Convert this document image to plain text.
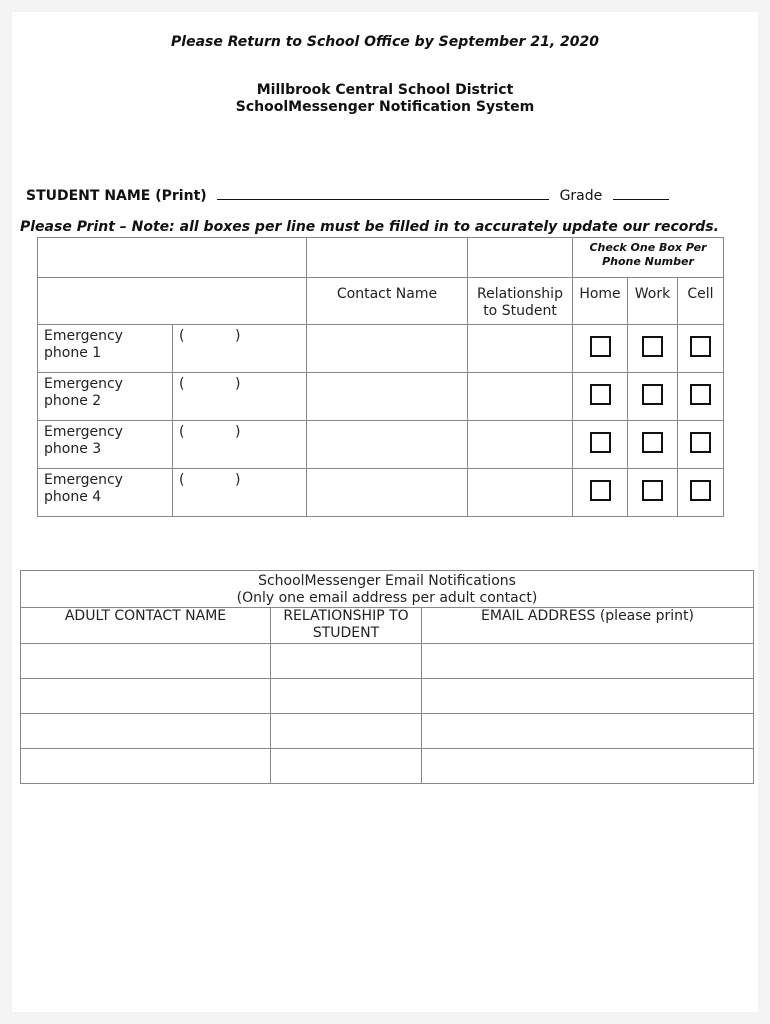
Please Return to School Office by September 21, 2020
Millbrook Central School District
SchoolMessenger Notification System
STUDENT NAME (Print)	Grade
Please Print – Note: all boxes per line must be filled in to accurately update our records.
				Check One Box Per Phone Number		
		Contact Name	Relationship to Student	Home	Work	Cell
Emergency phone 1	( )					
Emergency phone 2	( )					
Emergency phone 3	( )					
Emergency phone 4	( )					
SchoolMessenger Email Notifications
(Only one email address per adult contact)		

ADULT CONTACT NAME	RELATIONSHIP TO STUDENT	EMAIL ADDRESS (please print)
